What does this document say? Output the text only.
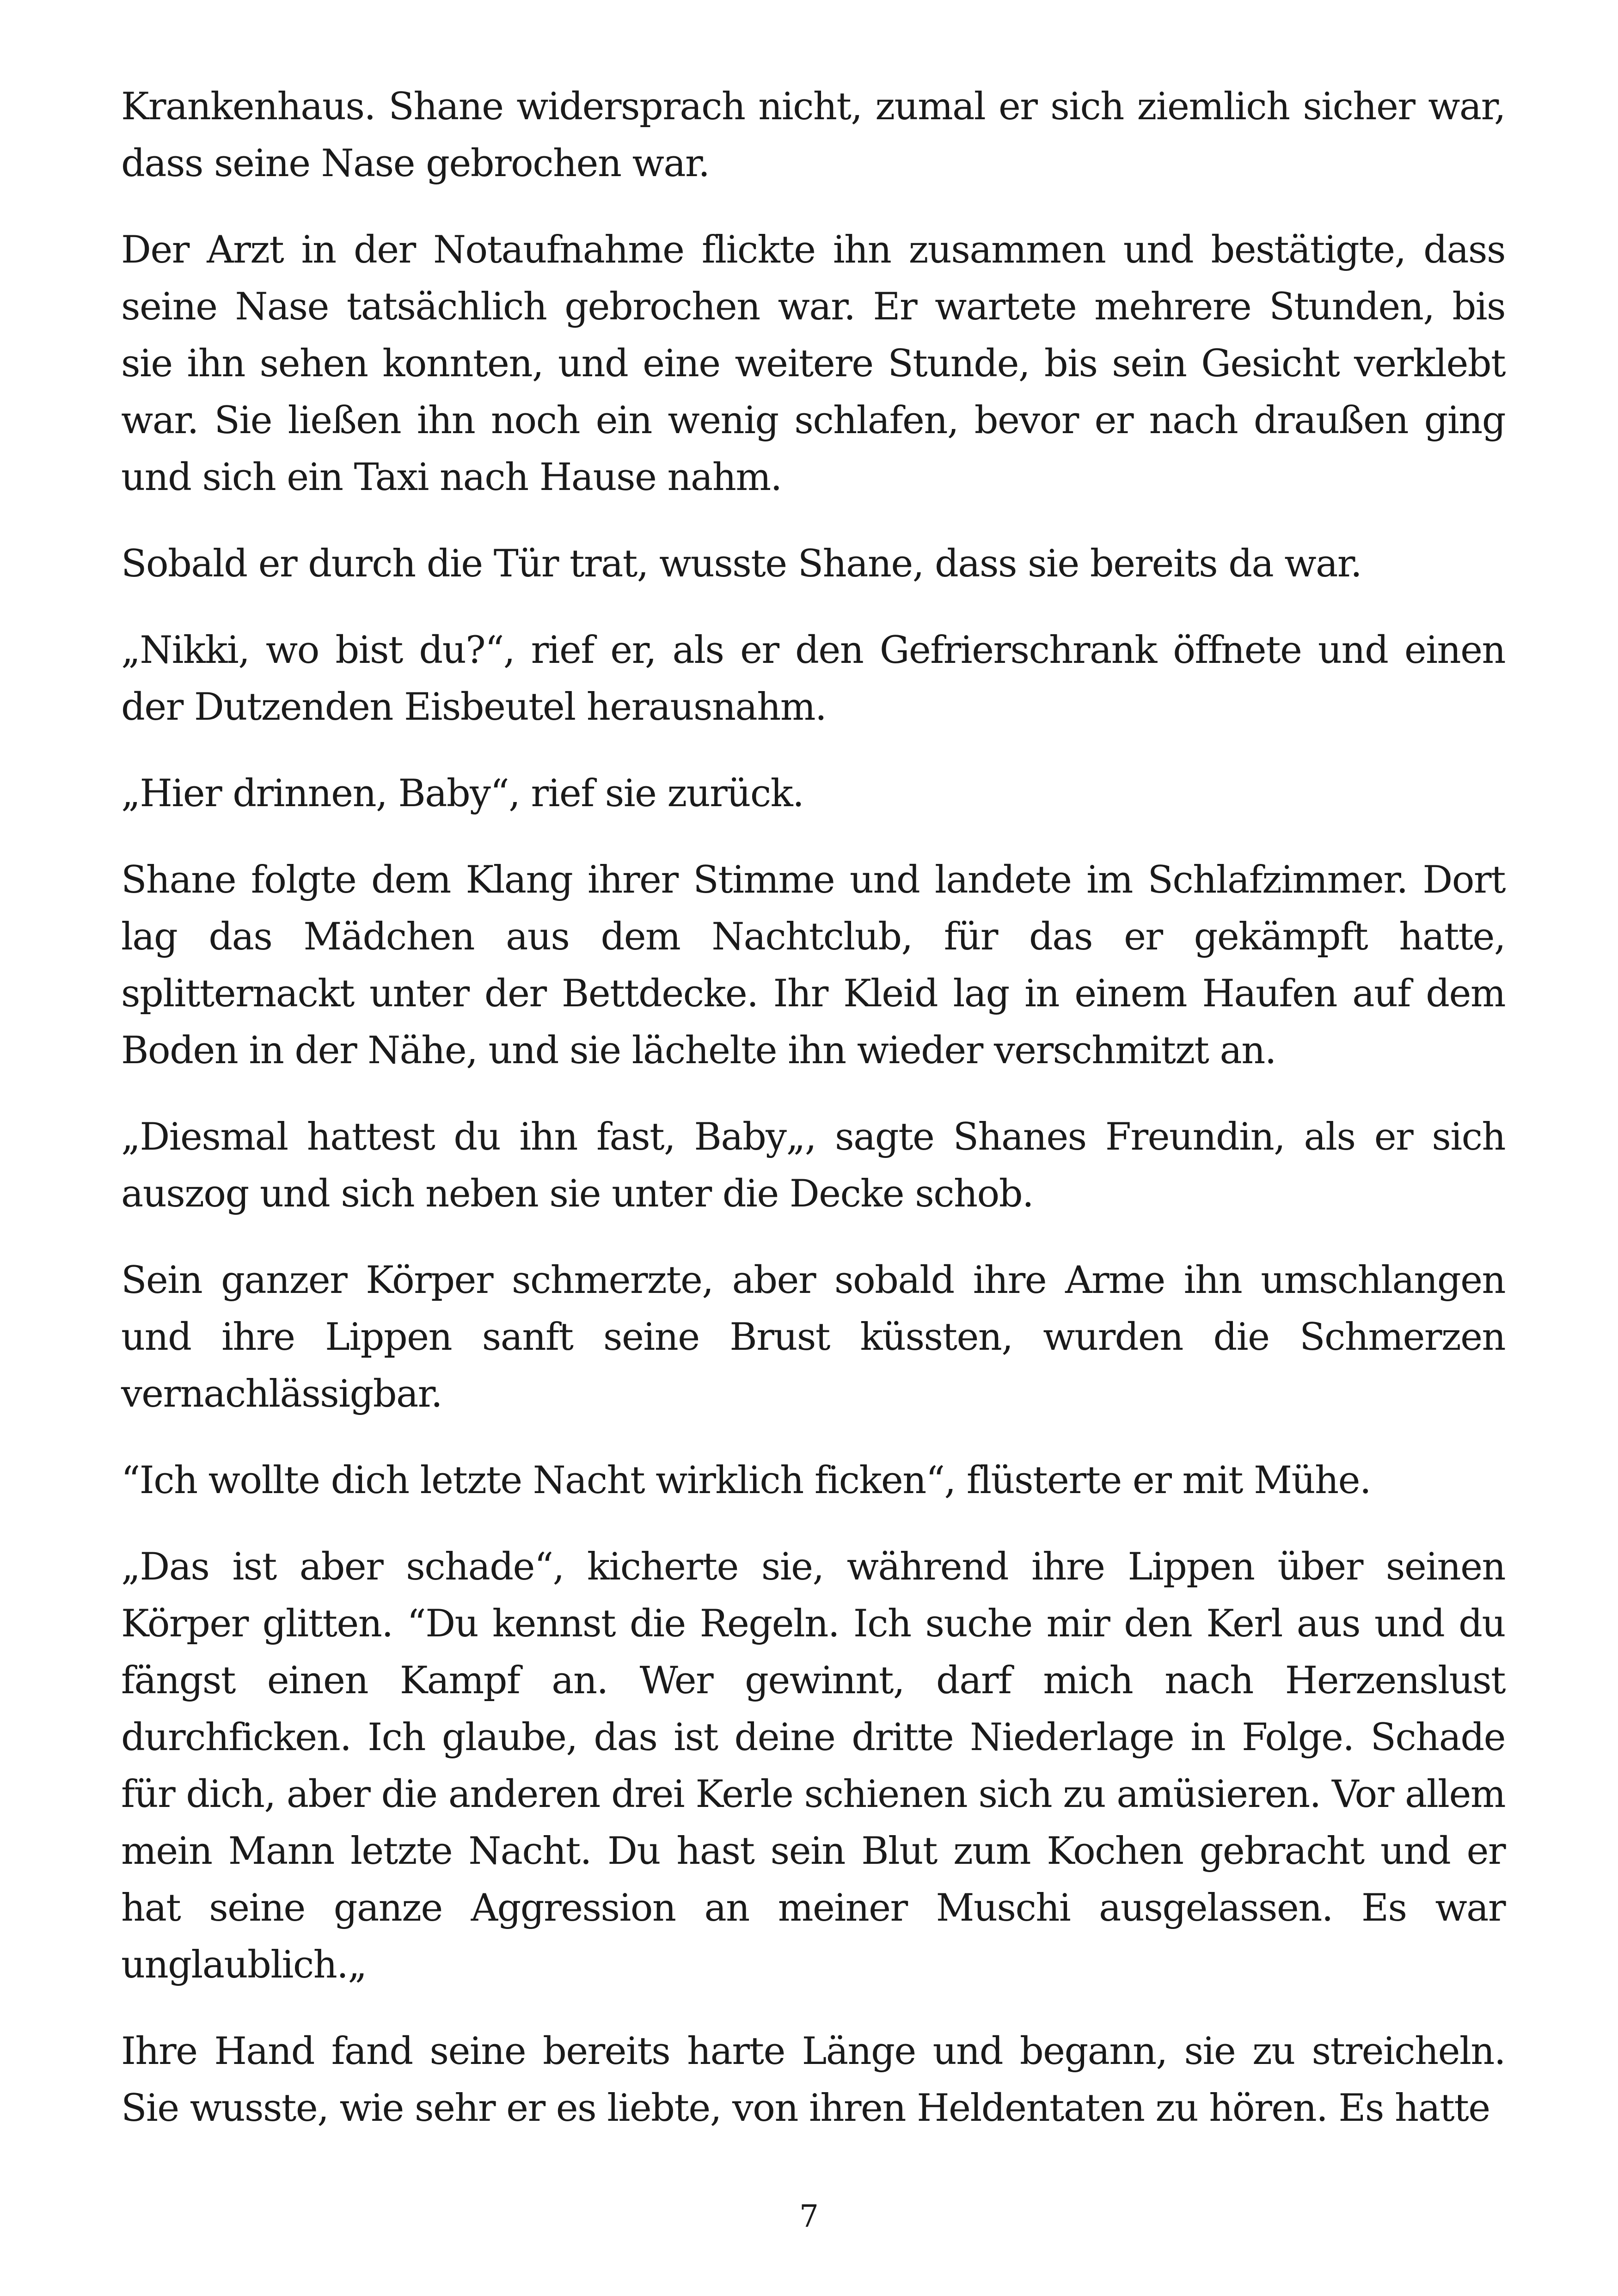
Krankenhaus. Shane widersprach nicht, zumal er sich ziemlich sicher war, dass seine Nase gebrochen war.

Der Arzt in der Notaufnahme flickte ihn zusammen und bestätigte, dass seine Nase tatsächlich gebrochen war. Er wartete mehrere Stunden, bis sie ihn sehen konnten, und eine weitere Stunde, bis sein Gesicht verklebt war. Sie ließen ihn noch ein wenig schlafen, bevor er nach draußen ging und sich ein Taxi nach Hause nahm.

Sobald er durch die Tür trat, wusste Shane, dass sie bereits da war.

„Nikki, wo bist du?“, rief er, als er den Gefrierschrank öffnete und einen der Dutzenden Eisbeutel herausnahm.

„Hier drinnen, Baby“, rief sie zurück.

Shane folgte dem Klang ihrer Stimme und landete im Schlafzimmer. Dort lag das Mädchen aus dem Nachtclub, für das er gekämpft hatte, splitternackt unter der Bettdecke. Ihr Kleid lag in einem Haufen auf dem Boden in der Nähe, und sie lächelte ihn wieder verschmitzt an.

„Diesmal hattest du ihn fast, Baby„, sagte Shanes Freundin, als er sich auszog und sich neben sie unter die Decke schob.

Sein ganzer Körper schmerzte, aber sobald ihre Arme ihn umschlangen und ihre Lippen sanft seine Brust küssten, wurden die Schmerzen vernachlässigbar.

“Ich wollte dich letzte Nacht wirklich ficken“, flüsterte er mit Mühe.

„Das ist aber schade“, kicherte sie, während ihre Lippen über seinen Körper glitten. “Du kennst die Regeln. Ich suche mir den Kerl aus und du fängst einen Kampf an. Wer gewinnt, darf mich nach Herzenslust durchficken. Ich glaube, das ist deine dritte Niederlage in Folge. Schade für dich, aber die anderen drei Kerle schienen sich zu amüsieren. Vor allem mein Mann letzte Nacht. Du hast sein Blut zum Kochen gebracht und er hat seine ganze Aggression an meiner Muschi ausgelassen. Es war unglaublich.„

Ihre Hand fand seine bereits harte Länge und begann, sie zu streicheln. Sie wusste, wie sehr er es liebte, von ihren Heldentaten zu hören. Es hatte

7
